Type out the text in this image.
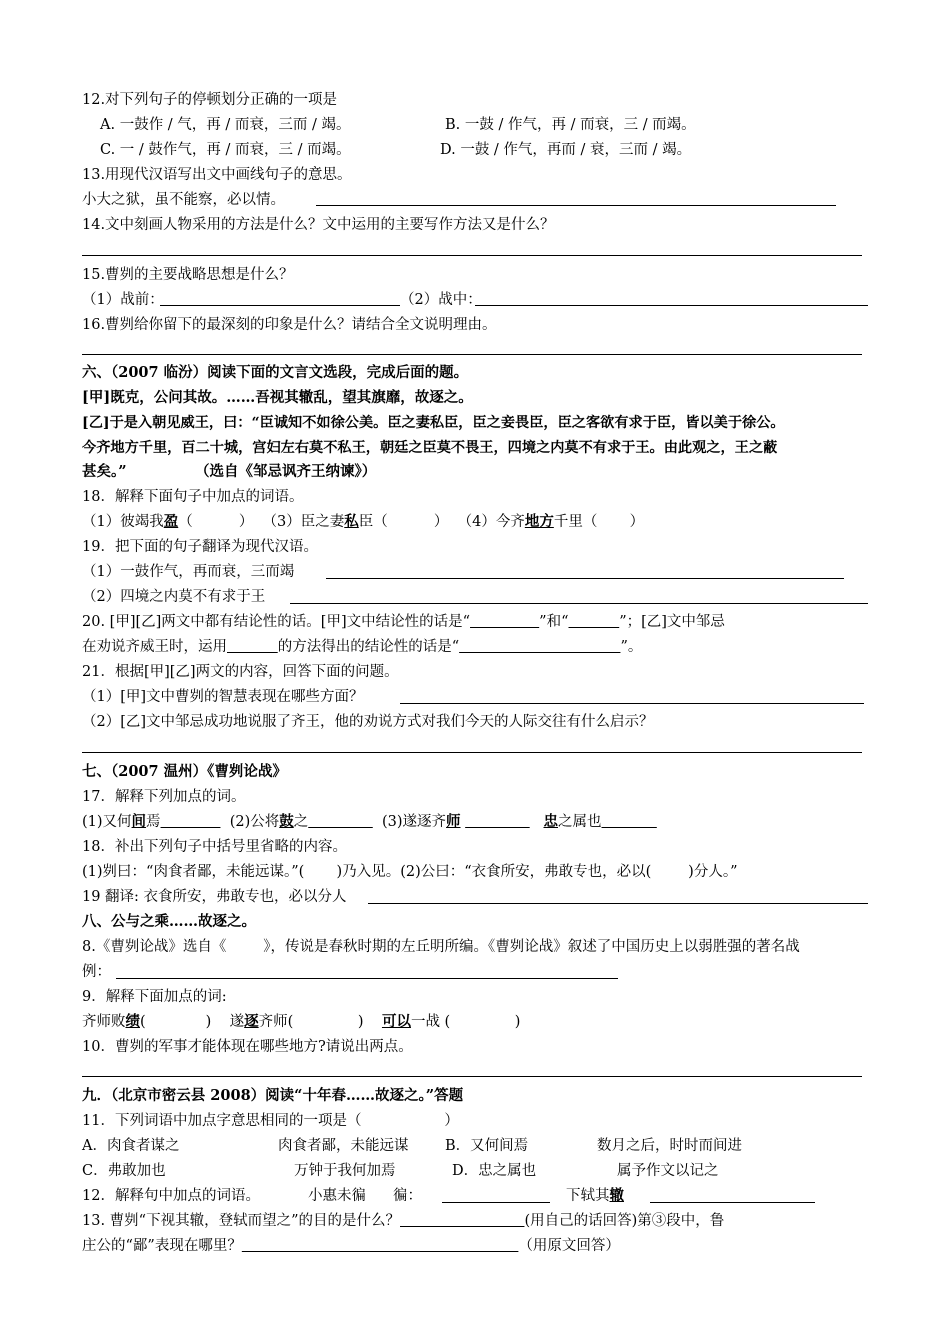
12.对下列句子的停顿划分正确的一项是
A. 一鼓作 / 气，再 / 而衰，三而 / 竭。	B. 一鼓 / 作气，再 / 而衰，三 / 而竭。
C. 一 / 鼓作气，再 / 而衰，三 / 而竭。	D. 一鼓 / 作气，再而 / 衰，三而 / 竭。
13.用现代汉语写出文中画线句子的意思。
小大之狱，虽不能察，必以情。
14.文中刻画人物采用的方法是什么？文中运用的主要写作方法又是什么？
15.曹刿的主要战略思想是什么？
（1）战前：	（2）战中：
16.曹刿给你留下的最深刻的印象是什么？请结合全文说明理由。
六、（2007 临汾）阅读下面的文言文选段，完成后面的题。
[甲]既克，公问其故。……吾视其辙乱，望其旗靡，故逐之。
[乙]于是入朝见威王，曰：“臣诚知不如徐公美。臣之妻私臣，臣之妾畏臣，臣之客欲有求于臣，皆以美于徐公。
今齐地方千里，百二十城，宫妇左右莫不私王，朝廷之臣莫不畏王，四境之内莫不有求于王。由此观之，王之蔽
甚矣。”	（选自《邹忌讽齐王纳谏》）
18．解释下面句子中加点的词语。
（1）彼竭我盈（          ） （3）臣之妻私臣（          ） （4）今齐地方千里（       ）
19．把下面的句子翻译为现代汉语。
（1）一鼓作气，再而衰，三而竭
（2）四境之内莫不有求于王
20. [甲][乙]两文中都有结论性的话。[甲]文中结论性的话是“	”和“	”；[乙]文中邹忌
在劝说齐威王时，运用	的方法得出的结论性的话是“	”。
21．根据[甲][乙]两文的内容，回答下面的问题。
（1）[甲]文中曹刿的智慧表现在哪些方面？
（2）[乙]文中邹忌成功地说服了齐王，他的劝说方式对我们今天的人际交往有什么启示？
七、（2007 温州）《曹刿论战》
17．解释下列加点的词。
(1)又何间焉	(2)公将鼓之	(3)遂逐齐师	忠之属也
18．补出下列句子中括号里省略的内容。
(1)刿曰：“肉食者鄙，未能远谋。”(       )乃入见。(2)公曰：“衣食所安，弗敢专也，必以(        )分人。”
19 翻译: 衣食所安，弗敢专也，必以分人
八、公与之乘……故逐之。
8.《曹刿论战》选自《        》，传说是春秋时期的左丘明所编。《曹刿论战》叙述了中国历史上以弱胜强的著名战
例：
9．解释下面加点的词:
齐师败绩(             ) 遂逐齐师(              ) 可以一战 (              )
10．曹刿的军事才能体现在哪些地方?请说出两点。
九．（北京市密云县 2008）阅读“十年春……故逐之。”答题
11．下列词语中加点字意思相同的一项是（                  ）
A．肉食者谋之	肉食者鄙，未能远谋	B．又何间焉	数月之后，时时而间进
C．弗敢加也	万钟于我何加焉	D．忠之属也	属予作文以记之
12．解释句中加点的词语。	小惠未徧 徧：	下轼其辙
13. 曹刿“下视其辙，登轼而望之”的目的是什么？	(用自己的话回答)第③段中，鲁
庄公的“鄙”表现在哪里？	（用原文回答）
